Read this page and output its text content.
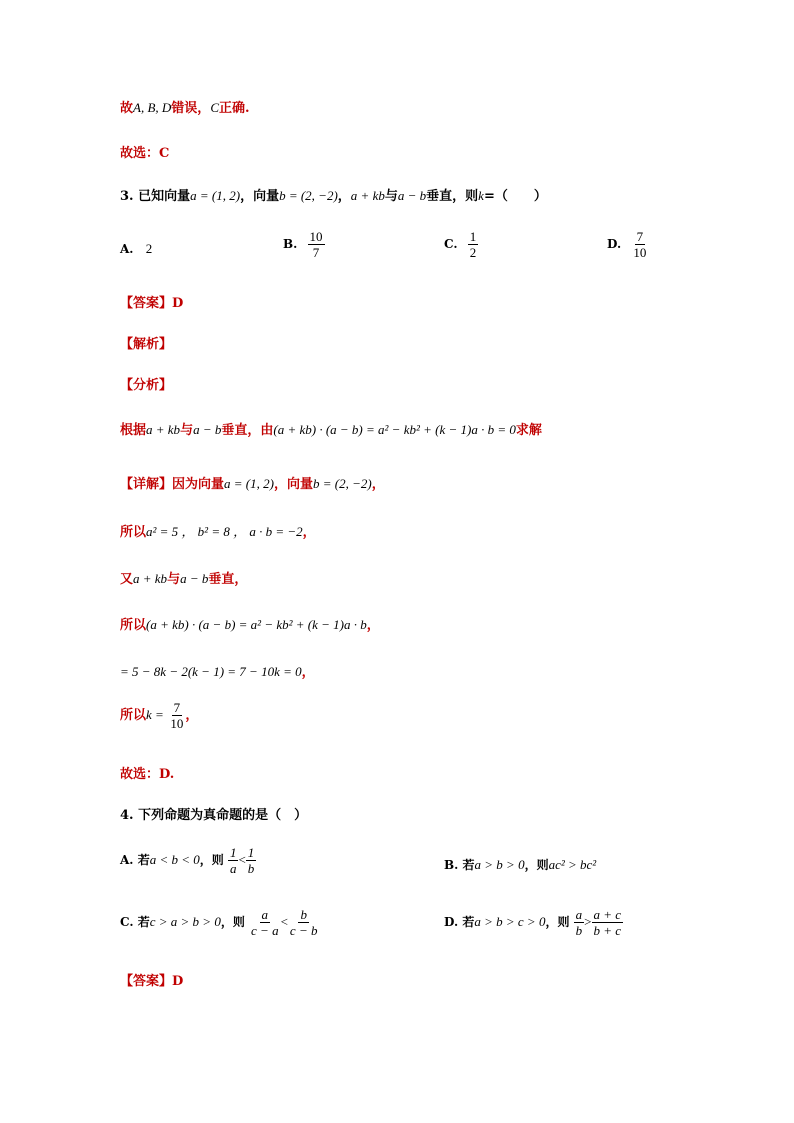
故A, B, D错误，C正确.
故选：C
3. 已知向量a = (1, 2)，向量b = (2, −2)，a + kb与a − b垂直，则k=（　　）
A. 2	B. $\frac{10}{7}$	C. $\frac{1}{2}$	D. $\frac{7}{10}$
【答案】D
【解析】
【分析】
根据a + kb与a − b垂直，由(a + kb) · (a − b) = a² − kb² + (k − 1)a · b = 0求解
【详解】因为向量a = (1, 2)，向量b = (2, −2)，
所以a² = 5 ， b² = 8 ， a · b = −2，
又a + kb与a − b垂直，
所以(a + kb) · (a − b) = a² − kb² + (k − 1)a · b，
= 5 − 8k − 2(k − 1) = 7 − 10k = 0，
所以$k = \frac{7}{10}$ ，
故选：D.
4. 下列命题为真命题的是（　）
A. 若a < b < 0，则 $\frac{1}{a} < \frac{1}{b}$	B. 若a > b > 0，则ac² > bc²
C. 若c > a > b > 0，则 $\frac{a}{c - a} < \frac{b}{c - b}$	D. 若a > b > c > 0，则 $\frac{a}{b} > \frac{a + c}{b + c}$
【答案】D
